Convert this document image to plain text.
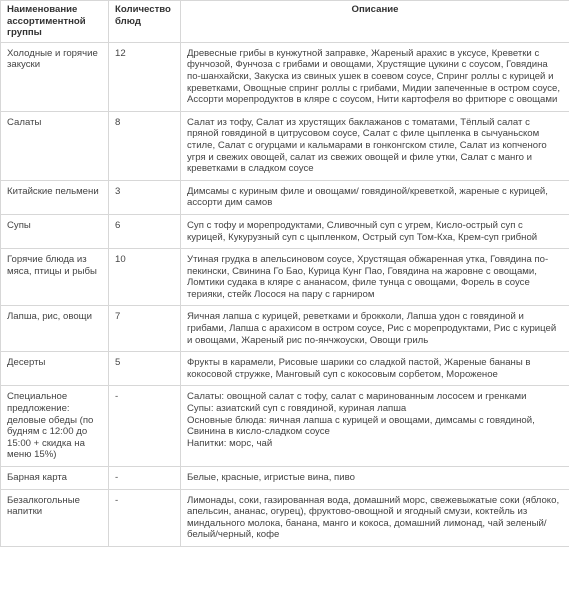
Наименование ассортиментной группы	Количество блюд	Описание
Холодные и горячие закуски	12	Древесные грибы в кунжутной заправке, Жареный арахис в уксусе, Креветки с фунчозой, Фунчоза с грибами и овощами, Хрустящие цукини с соусом, Говядина по-шанхайски, Закуска из свиных ушек в соевом соусе, Спринг роллы с курицей и креветками, Овощные спринг роллы с грибами, Мидии запеченные в остром соусе, Ассорти морепродуктов в кляре с соусом, Нити картофеля во фритюре с овощами
Салаты	8	Салат из тофу, Салат из хрустящих баклажанов с томатами, Тёплый салат с пряной говядиной в цитрусовом соусе, Салат с филе цыпленка в сычуаньском стиле, Салат с огурцами и кальмарами в гонконгском стиле, Салат из копченого угря и свежих овощей, салат из свежих овощей и филе утки, Салат с манго и креветками в сладком соусе
Китайские пельмени	3	Димсамы с куриным филе и овощами/ говядиной/креветкой, жареные с курицей, ассорти дим самов
Супы	6	Суп с тофу и морепродуктами, Сливочный суп с угрем, Кисло-острый суп с курицей, Кукурузный суп с цыпленком, Острый суп Том-Кха, Крем-суп грибной
Горячие блюда из мяса, птицы и рыбы	10	Утиная грудка в апельсиновом соусе, Хрустящая обжаренная утка, Говядина по-пекински, Свинина Го Бао, Курица Кунг Пао, Говядина на жаровне с овощами, Ломтики судака в кляре с ананасом, филе тунца с овощами, Форель в соусе терияки, стейк Лосося на пару с гарниром
Лапша, рис, овощи	7	Яичная лапша с курицей, реветками и брокколи, Лапша удон с говядиной и грибами, Лапша с арахисом в остром соусе, Рис с морепродуктами, Рис с курицей и овощами, Жареный рис по-янчжоуски, Овощи гриль
Десерты	5	Фрукты в карамели, Рисовые шарики со сладкой пастой, Жареные бананы в кокосовой стружке, Манговый суп с кокосовым сорбетом, Мороженое
Специальное предложение: деловые обеды (по будням с 12:00 до 15:00 + скидка на меню 15%)	-	Салаты: овощной салат с тофу, салат с маринованным лососем и гренками
Супы: азиатский суп с говядиной, куриная лапша
Основные блюда: яичная лапша с курицей и овощами, димсамы с говядиной, Свинина в кисло-сладком соусе
Напитки: морс, чай
Барная карта	-	Белые, красные, игристые вина, пиво
Безалкогольные напитки	-	Лимонады, соки, газированная вода, домашний морс, свежевыжатые соки (яблоко, апельсин, ананас, огурец), фруктово-овощной и ягодный смузи, коктейль из миндального молока, банана, манго и кокоса, домашний лимонад, чай зеленый/белый/черный, кофе
